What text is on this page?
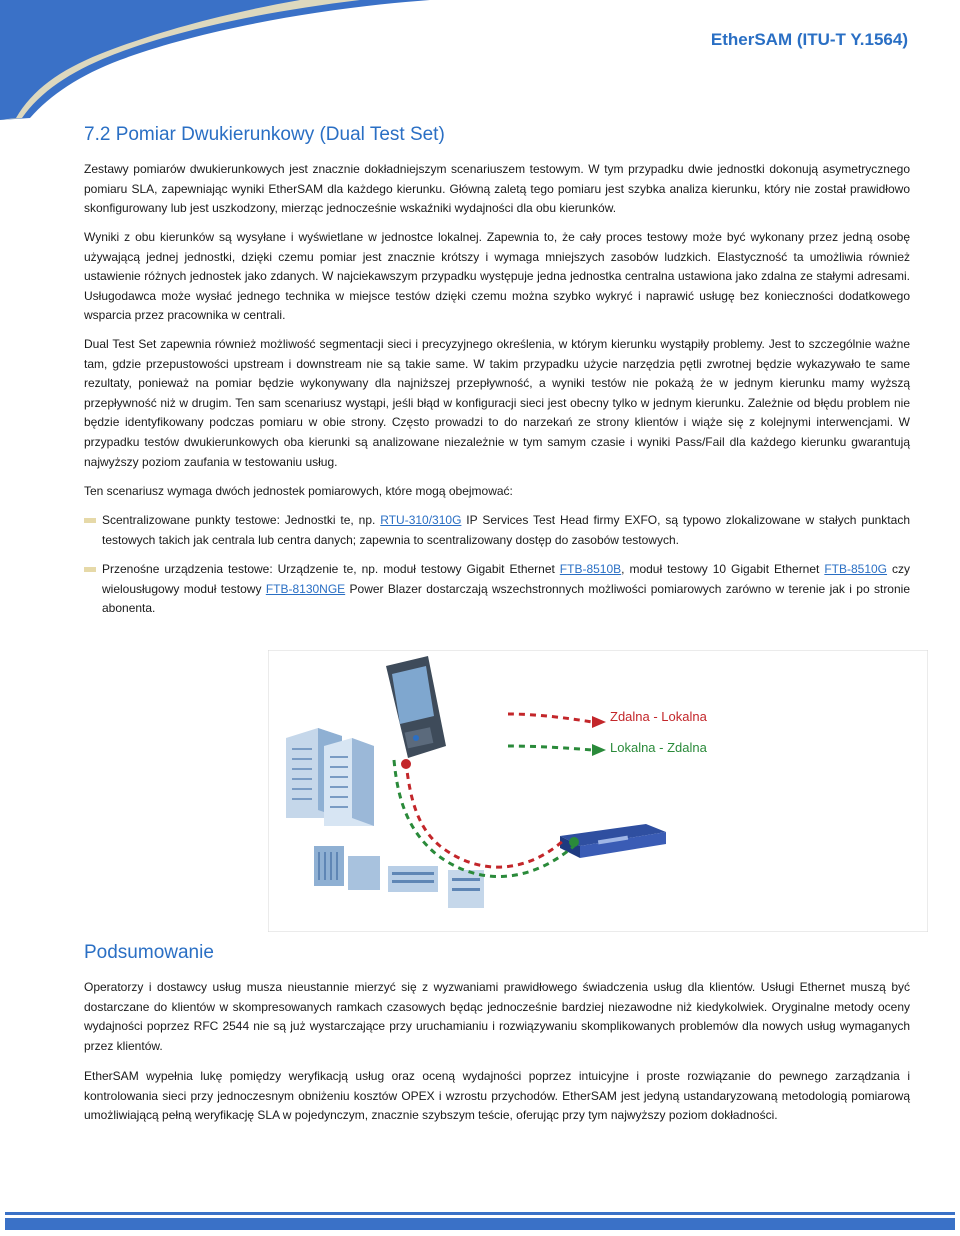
EtherSAM (ITU-T Y.1564)
7.2 Pomiar Dwukierunkowy (Dual Test Set)

Zestawy pomiarów dwukierunkowych jest znacznie dokładniejszym scenariuszem testowym. W tym przypadku dwie jednostki dokonują asymetrycznego pomiaru SLA, zapewniając wyniki EtherSAM dla każdego kierunku. Główną zaletą tego pomiaru jest szybka analiza kierunku, który nie został prawidłowo skonfigurowany lub jest uszkodzony, mierząc jednocześnie wskaźniki wydajności dla obu kierunków.

Wyniki z obu kierunków są wysyłane i wyświetlane w jednostce lokalnej. Zapewnia to, że cały proces testowy może być wykonany przez jedną osobę używającą jednej jednostki, dzięki czemu pomiar jest znacznie krótszy i wymaga mniejszych zasobów ludzkich. Elastyczność ta umożliwia również ustawienie różnych jednostek jako zdanych. W najciekawszym przypadku występuje jedna jednostka centralna ustawiona jako zdalna ze stałymi adresami. Usługodawca może wysłać jednego technika w miejsce testów dzięki czemu można szybko wykryć i naprawić usługę bez konieczności dodatkowego wsparcia przez pracownika w centrali.

Dual Test Set zapewnia również możliwość segmentacji sieci i precyzyjnego określenia, w którym kierunku wystąpiły problemy. Jest to szczególnie ważne tam, gdzie przepustowości upstream i downstream nie są takie same. W takim przypadku użycie narzędzia pętli zwrotnej będzie wykazywało te same rezultaty, ponieważ na pomiar będzie wykonywany dla najniższej przepływność, a wyniki testów nie pokażą że w jednym kierunku mamy wyższą przepływność niż w drugim. Ten sam scenariusz wystąpi, jeśli błąd w konfiguracji sieci jest obecny tylko w jednym kierunku. Zależnie od błędu problem nie będzie identyfikowany podczas pomiaru w obie strony. Często prowadzi to do narzekań ze strony klientów i wiąże się z kolejnymi interwencjami. W przypadku testów dwukierunkowych oba kierunki są analizowane niezależnie w tym samym czasie i wyniki Pass/Fail dla każdego kierunku gwarantują najwyższy poziom zaufania w testowaniu usług.

Ten scenariusz wymaga dwóch jednostek pomiarowych, które mogą obejmować:

Scentralizowane punkty testowe: Jednostki te, np. RTU-310/310G IP Services Test Head firmy EXFO, są typowo zlokalizowane w stałych punktach testowych takich jak centrala lub centra danych; zapewnia to scentralizowany dostęp do zasobów testowych.

Przenośne urządzenia testowe: Urządzenie te, np. moduł testowy Gigabit Ethernet FTB-8510B, moduł testowy 10 Gigabit Ethernet FTB-8510G czy wielousługowy moduł testowy FTB-8130NGE Power Blazer dostarczają wszechstronnych możliwości pomiarowych zarówno w terenie jak i po stronie abonenta.

Zdalna - Lokalna
Lokalna - Zdalna
Podsumowanie

Operatorzy i dostawcy usług musza nieustannie mierzyć się z wyzwaniami prawidłowego świadczenia usług dla klientów. Usługi Ethernet muszą być dostarczane do klientów w skompresowanych ramkach czasowych będąc jednocześnie bardziej niezawodne niż kiedykolwiek. Oryginalne metody oceny wydajności poprzez RFC 2544 nie są już wystarczające przy uruchamianiu i rozwiązywaniu skomplikowanych problemów dla nowych usług wymaganych przez klientów.

EtherSAM wypełnia lukę pomiędzy weryfikacją usług oraz oceną wydajności poprzez intuicyjne i proste rozwiązanie do pewnego zarządzania i kontrolowania sieci przy jednoczesnym obniżeniu kosztów OPEX i wzrostu przychodów. EtherSAM jest jedyną ustandaryzowaną metodologią pomiarową umożliwiającą pełną weryfikację SLA w pojedynczym, znacznie szybszym teście, oferując przy tym najwyższy poziom dokładności.
